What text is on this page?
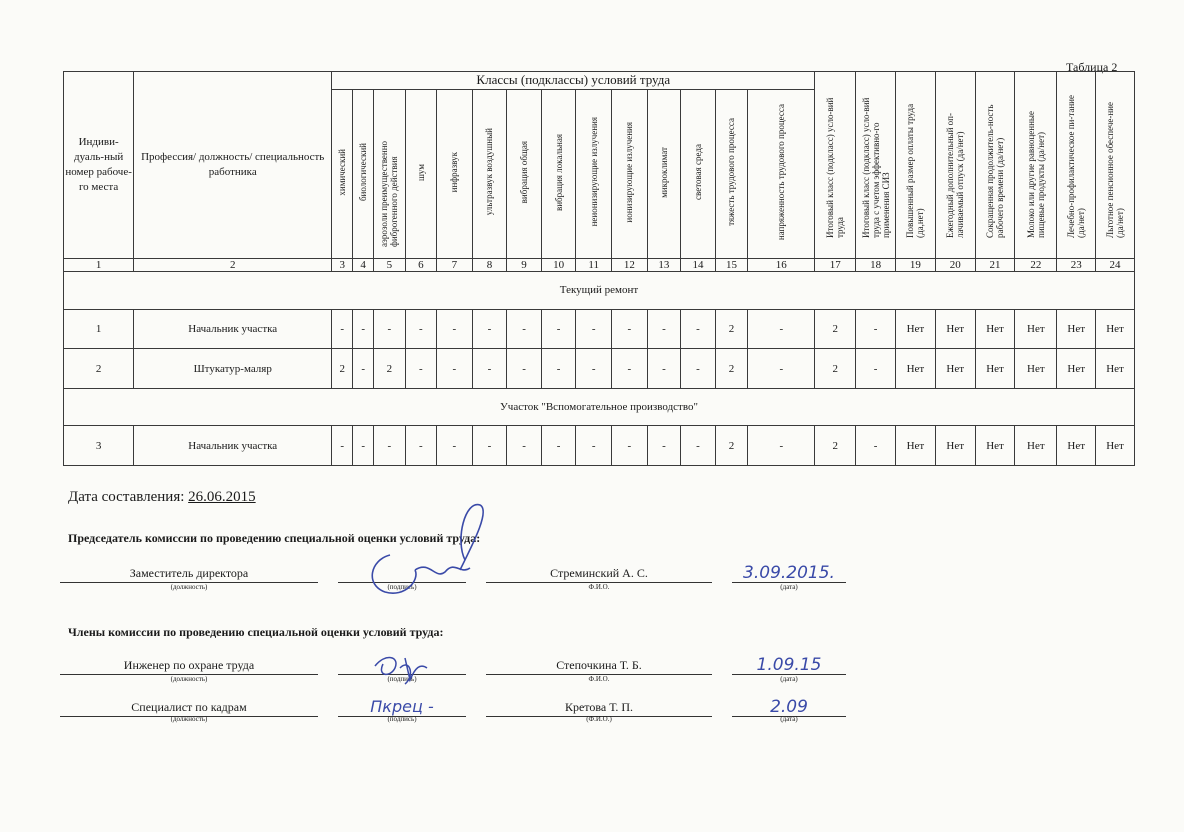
Таблица 2
Индиви-дуаль-ный номер рабоче-го места	Профессия/ должность/ специальность работника	Классы (подклассы) условий труда														Итоговый класс (подкласс) усло-вий труда	Итоговый класс (подкласс) усло-вий труда с учетом эффективно-го применения СИЗ	Повышенный размер оплаты труда (да,нет)	Ежегодный дополнительный оп-лачиваемый отпуск (да/нет)	Сокращенная продолжитель-ность рабочего времени (да/нет)	Молоко или другие равноценные пищевые продукты (да/нет)	Лечебно-профилактическое пи-тание (да/нет)	Льготное пенсионное обеспече-ние (да/нет)
		химический	биологический	аэрозоли преимущественно фиброгенного действия	шум	инфразвук	ультразвук воздушный	вибрация общая	вибрация локальная	неионизирующие излучения	ионизирующие излучения	микроклимат	световая среда	тяжесть трудового процесса	напряженность трудового процесса								
1	2	3	4	5	6	7	8	9	10	11	12	13	14	15	16	17	18	19	20	21	22	23	24
Текущий ремонт																							
1	Начальник участка	-	-	-	-	-	-	-	-	-	-	-	-	2	-	2	-	Нет	Нет	Нет	Нет	Нет	Нет
2	Штукатур-маляр	2	-	2	-	-	-	-	-	-	-	-	-	2	-	2	-	Нет	Нет	Нет	Нет	Нет	Нет
Участок "Вспомогательное производство"																							
3	Начальник участка	-	-	-	-	-	-	-	-	-	-	-	-	2	-	2	-	Нет	Нет	Нет	Нет	Нет	Нет
Дата составления: 26.06.2015
Председатель комиссии по проведению специальной оценки условий труда:
Заместитель директора
(должность)	(подпись)
Стреминский А. С.
Ф.И.О.
3.09.2015.
(дата)
Члены комиссии по проведению специальной оценки условий труда:
Инженер по охране труда
(должность)	(подпись)
Степочкина Т. Б.
Ф.И.О.
1.09.15
(дата)
Специалист по кадрам
(должность)
Пкрец -
(подпись)
Кретова Т. П.
(Ф.И.О.)
2.09
(дата)
